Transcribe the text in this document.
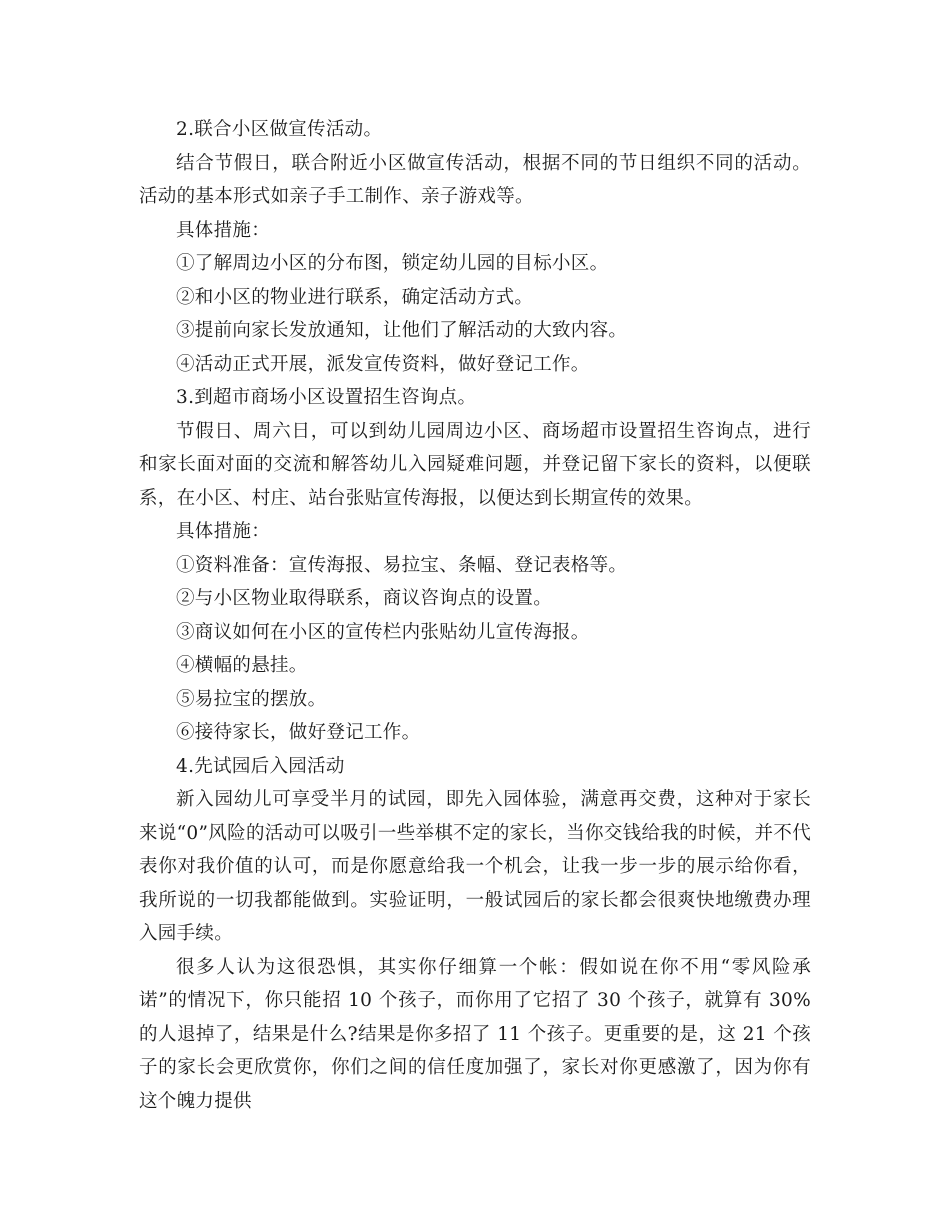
2.联合小区做宣传活动。

结合节假日，联合附近小区做宣传活动，根据不同的节日组织不同的活动。活动的基本形式如亲子手工制作、亲子游戏等。

具体措施：

①了解周边小区的分布图，锁定幼儿园的目标小区。

②和小区的物业进行联系，确定活动方式。

③提前向家长发放通知，让他们了解活动的大致内容。

④活动正式开展，派发宣传资料，做好登记工作。

3.到超市商场小区设置招生咨询点。

节假日、周六日，可以到幼儿园周边小区、商场超市设置招生咨询点，进行和家长面对面的交流和解答幼儿入园疑难问题，并登记留下家长的资料，以便联系，在小区、村庄、站台张贴宣传海报，以便达到长期宣传的效果。

具体措施：

①资料准备：宣传海报、易拉宝、条幅、登记表格等。

②与小区物业取得联系，商议咨询点的设置。

③商议如何在小区的宣传栏内张贴幼儿宣传海报。

④横幅的悬挂。

⑤易拉宝的摆放。

⑥接待家长，做好登记工作。

4.先试园后入园活动

新入园幼儿可享受半月的试园，即先入园体验，满意再交费，这种对于家长来说“0”风险的活动可以吸引一些举棋不定的家长，当你交钱给我的时候，并不代表你对我价值的认可，而是你愿意给我一个机会，让我一步一步的展示给你看，我所说的一切我都能做到。实验证明，一般试园后的家长都会很爽快地缴费办理入园手续。

很多人认为这很恐惧，其实你仔细算一个帐：假如说在你不用“零风险承诺”的情况下，你只能招 10 个孩子，而你用了它招了 30 个孩子，就算有 30%的人退掉了，结果是什么?结果是你多招了 11 个孩子。更重要的是，这 21 个孩子的家长会更欣赏你，你们之间的信任度加强了，家长对你更感激了，因为你有这个魄力提供
